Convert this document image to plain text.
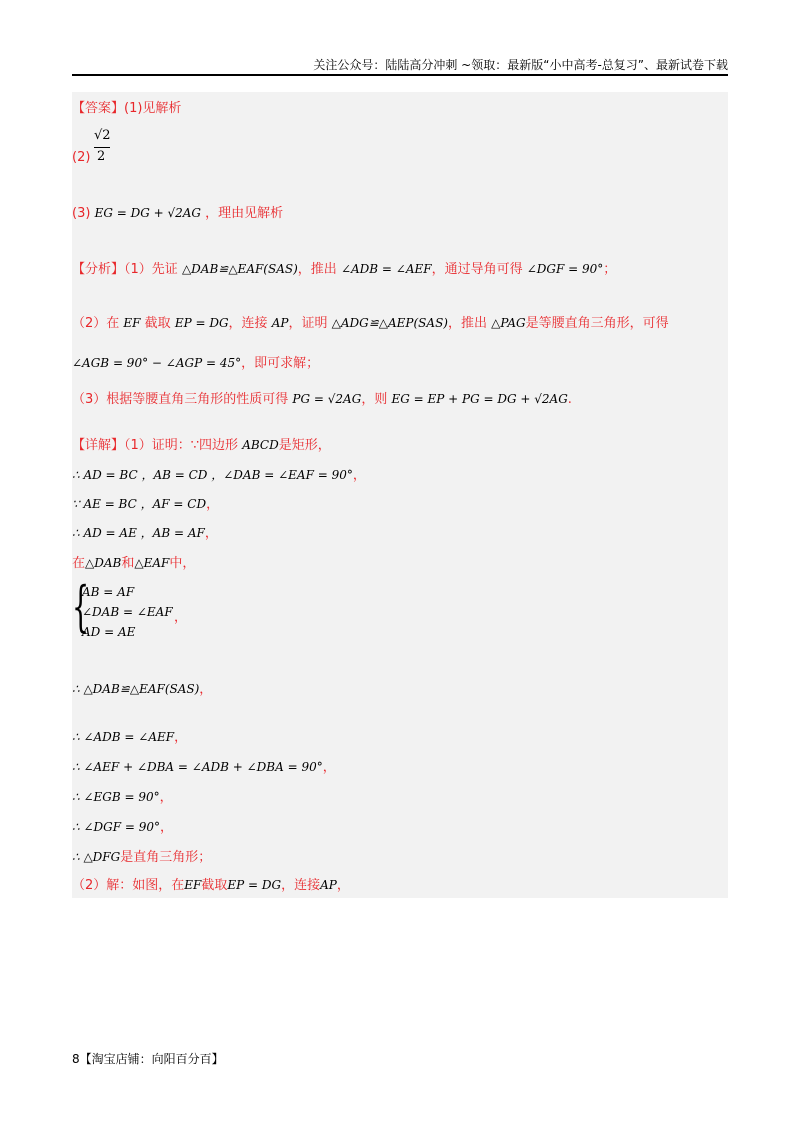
关注公众号：陆陆高分冲刺 ~领取：最新版“小中高考-总复习”、最新试卷下载
【答案】(1)见解析
(2)
√2
2
(3) EG = DG + √2AG ，理由见解析
【分析】（1）先证 △DAB≌△EAF(SAS)，推出 ∠ADB = ∠AEF，通过导角可得 ∠DGF = 90°；
（2）在 EF 截取 EP = DG，连接 AP，证明 △ADG≌△AEP(SAS)，推出 △PAG是等腰直角三角形，可得
∠AGB = 90° − ∠AGP = 45°，即可求解；
（3）根据等腰直角三角形的性质可得 PG = √2AG，则 EG = EP + PG = DG + √2AG.
【详解】（1）证明：∵四边形 ABCD是矩形，
∴ AD = BC ，AB = CD ，∠DAB = ∠EAF = 90°，
∵ AE = BC ，AF = CD，
∴ AD = AE ，AB = AF，
在△DAB和△EAF中，
{
AB = AF
∠DAB = ∠EAF
AD = AE
，
∴ △DAB≌△EAF(SAS)，
∴ ∠ADB = ∠AEF，
∴ ∠AEF + ∠DBA = ∠ADB + ∠DBA = 90°，
∴ ∠EGB = 90°，
∴ ∠DGF = 90°，
∴ △DFG是直角三角形；
（2）解：如图，在EF截取EP = DG，连接AP，
8【淘宝店铺：向阳百分百】
